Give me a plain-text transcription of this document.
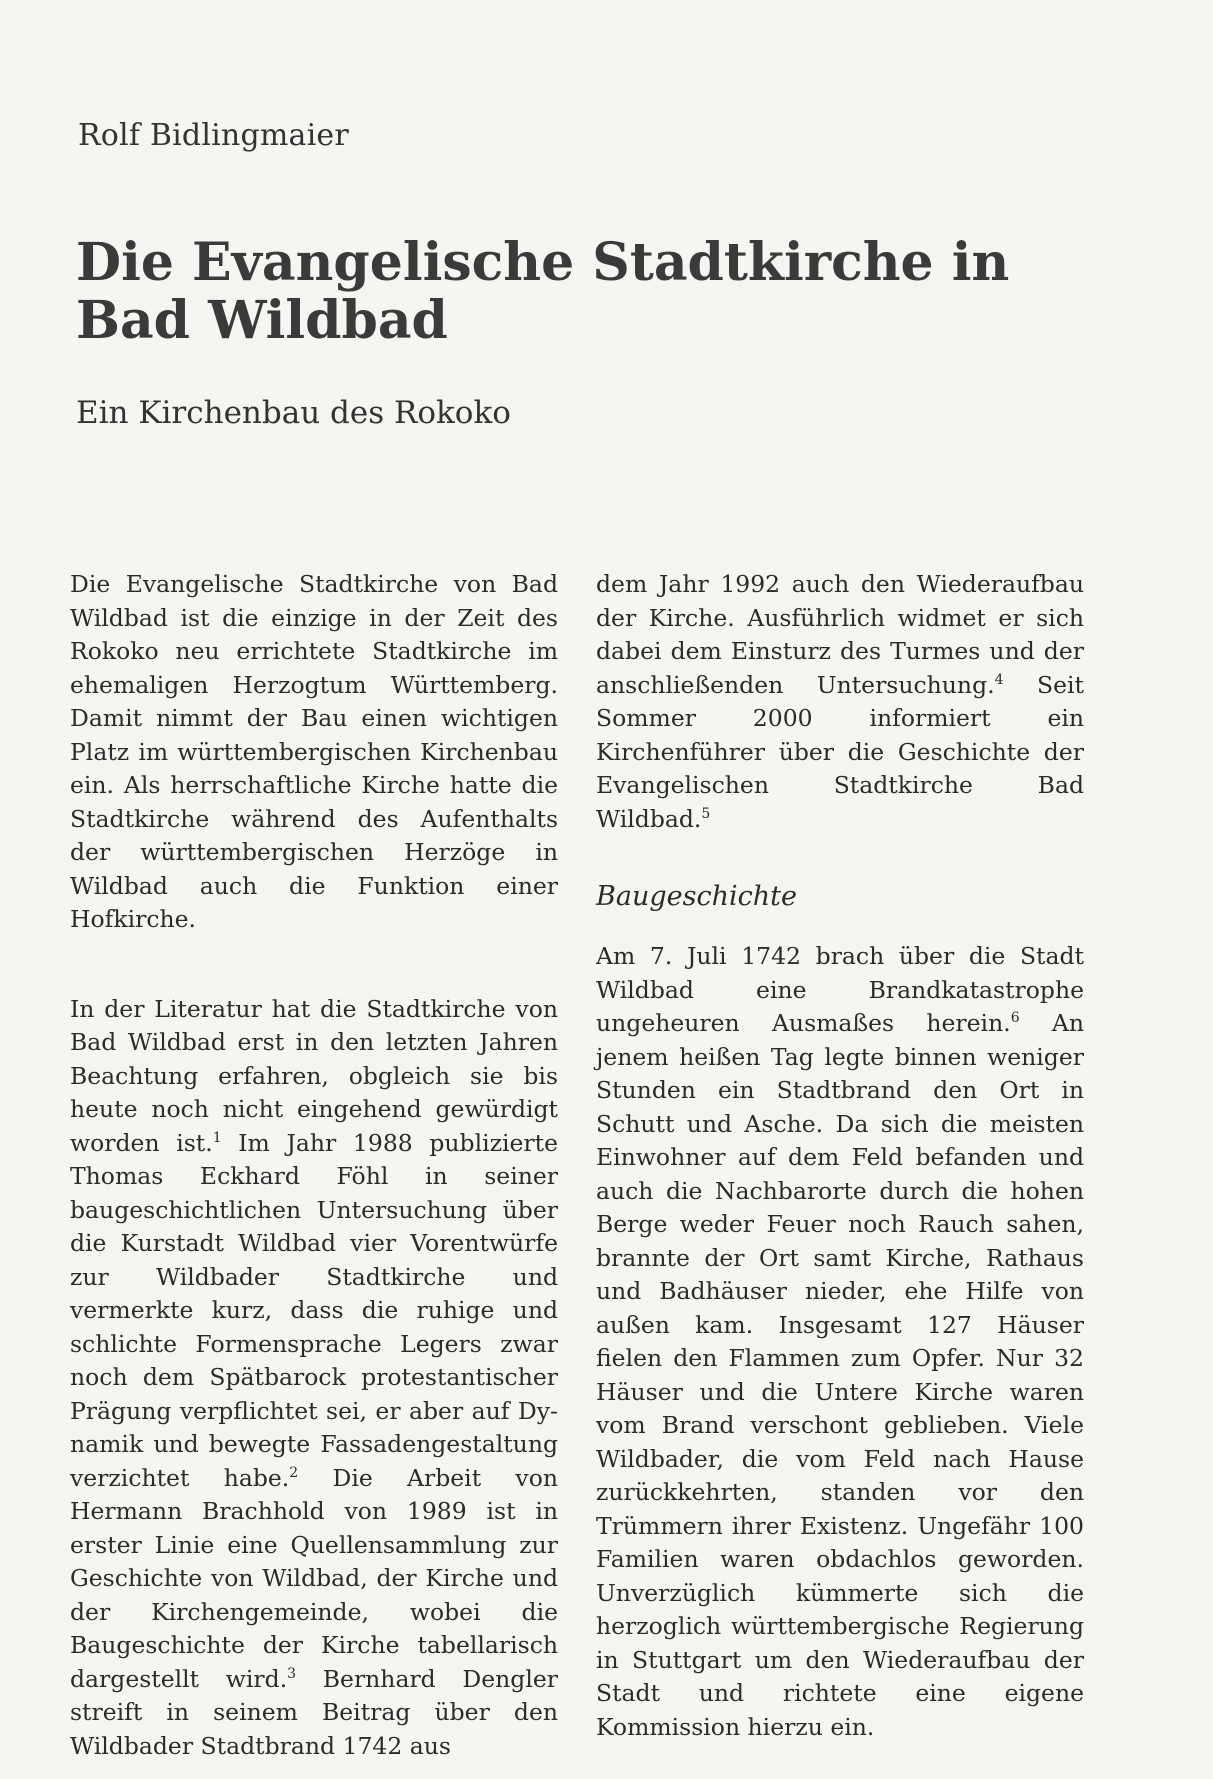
Rolf Bidlingmaier
Die Evangelische Stadtkirche in Bad Wildbad
Ein Kirchenbau des Rokoko

Die Evangelische Stadtkirche von Bad Wildbad ist die einzige in der Zeit des Rokoko neu errichtete Stadtkirche im ehemaligen Herzogtum Württemberg. Damit nimmt der Bau einen wichtigen Platz im württembergischen Kirchenbau ein. Als herrschaftliche Kirche hatte die Stadtkirche während des Aufenthalts der württembergischen Herzöge in Wildbad auch die Funktion einer Hofkirche.

In der Literatur hat die Stadtkirche von Bad Wildbad erst in den letzten Jahren Beachtung erfahren, obgleich sie bis heute noch nicht eingehend gewürdigt worden ist.$^1$ Im Jahr 1988 publizierte Thomas Eckhard Föhl in seiner baugeschichtlichen Untersuchung über die Kurstadt Wildbad vier Vorentwürfe zur Wildbader Stadtkirche und vermerkte kurz, dass die ruhige und schlichte Formensprache Legers zwar noch dem Spätbarock protestantischer Prägung verpflichtet sei, er aber auf Dynamik und bewegte Fassadengestaltung verzichtet habe.$^2$ Die Arbeit von Hermann Brachhold von 1989 ist in erster Linie eine Quellensammlung zur Geschichte von Wildbad, der Kirche und der Kirchengemeinde, wobei die Baugeschichte der Kirche tabellarisch dargestellt wird.$^3$ Bernhard Dengler streift in seinem Beitrag über den Wildbader Stadtbrand 1742 aus

dem Jahr 1992 auch den Wiederaufbau der Kirche. Ausführlich widmet er sich dabei dem Einsturz des Turmes und der anschließenden Untersuchung.$^4$ Seit Sommer 2000 informiert ein Kirchenführer über die Geschichte der Evangelischen Stadtkirche Bad Wildbad.$^5$

Baugeschichte

Am 7. Juli 1742 brach über die Stadt Wildbad eine Brandkatastrophe ungeheuren Ausmaßes herein.$^6$ An jenem heißen Tag legte binnen weniger Stunden ein Stadtbrand den Ort in Schutt und Asche. Da sich die meisten Einwohner auf dem Feld befanden und auch die Nachbarorte durch die hohen Berge weder Feuer noch Rauch sahen, brannte der Ort samt Kirche, Rathaus und Badhäuser nieder, ehe Hilfe von außen kam. Insgesamt 127 Häuser fielen den Flammen zum Opfer. Nur 32 Häuser und die Untere Kirche waren vom Brand verschont geblieben. Viele Wildbader, die vom Feld nach Hause zurückkehrten, standen vor den Trümmern ihrer Existenz. Ungefähr 100 Familien waren obdachlos geworden. Unverzüglich kümmerte sich die herzoglich württembergische Regierung in Stuttgart um den Wiederaufbau der Stadt und richtete eine eigene Kommission hierzu ein.
